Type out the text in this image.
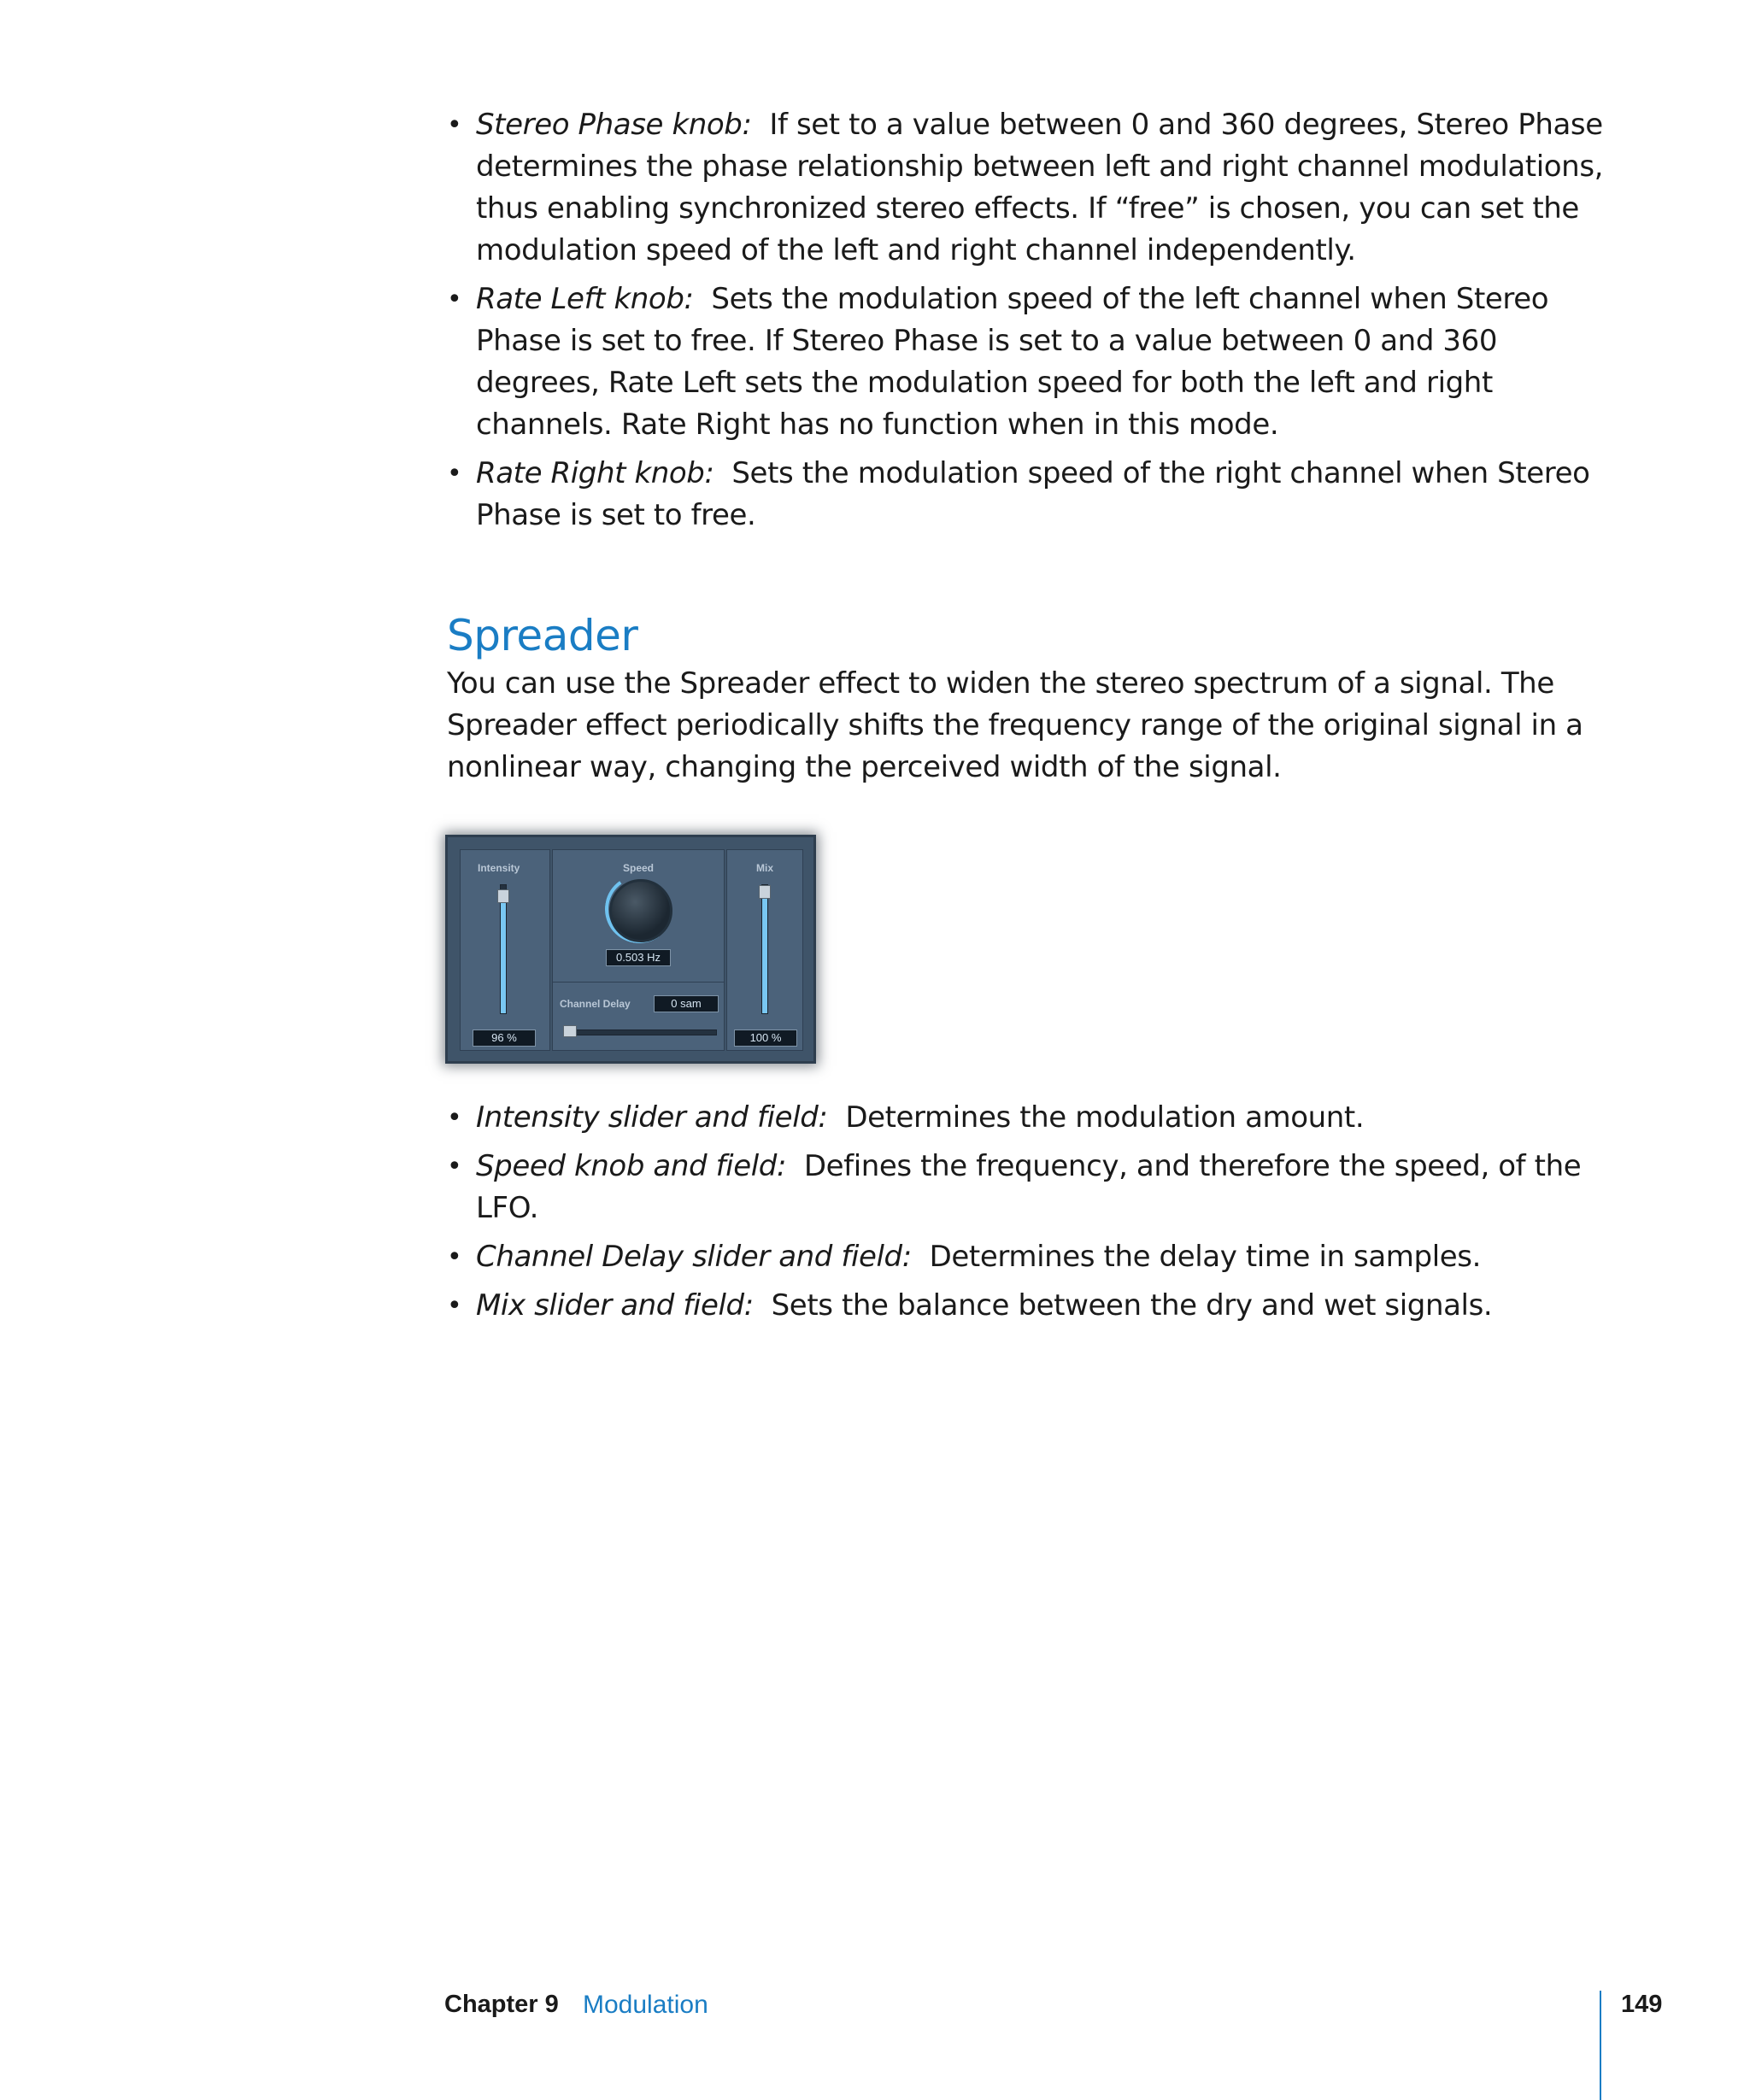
• Stereo Phase knob: If set to a value between 0 and 360 degrees, Stereo Phase determines the phase relationship between left and right channel modulations, thus enabling synchronized stereo effects. If “free” is chosen, you can set the modulation speed of the left and right channel independently.
• Rate Left knob: Sets the modulation speed of the left channel when Stereo Phase is set to free. If Stereo Phase is set to a value between 0 and 360 degrees, Rate Left sets the modulation speed for both the left and right channels. Rate Right has no function when in this mode.
• Rate Right knob: Sets the modulation speed of the right channel when Stereo Phase is set to free.
Spreader
You can use the Spreader effect to widen the stereo spectrum of a signal. The Spreader effect periodically shifts the frequency range of the original signal in a nonlinear way, changing the perceived width of the signal.
Intensity
96 %
Speed
0.503 Hz
Channel Delay	0 sam
Mix
100 %
• Intensity slider and field: Determines the modulation amount.
• Speed knob and field: Defines the frequency, and therefore the speed, of the LFO.
• Channel Delay slider and field: Determines the delay time in samples.
• Mix slider and field: Sets the balance between the dry and wet signals.
Chapter 9 Modulation	149
